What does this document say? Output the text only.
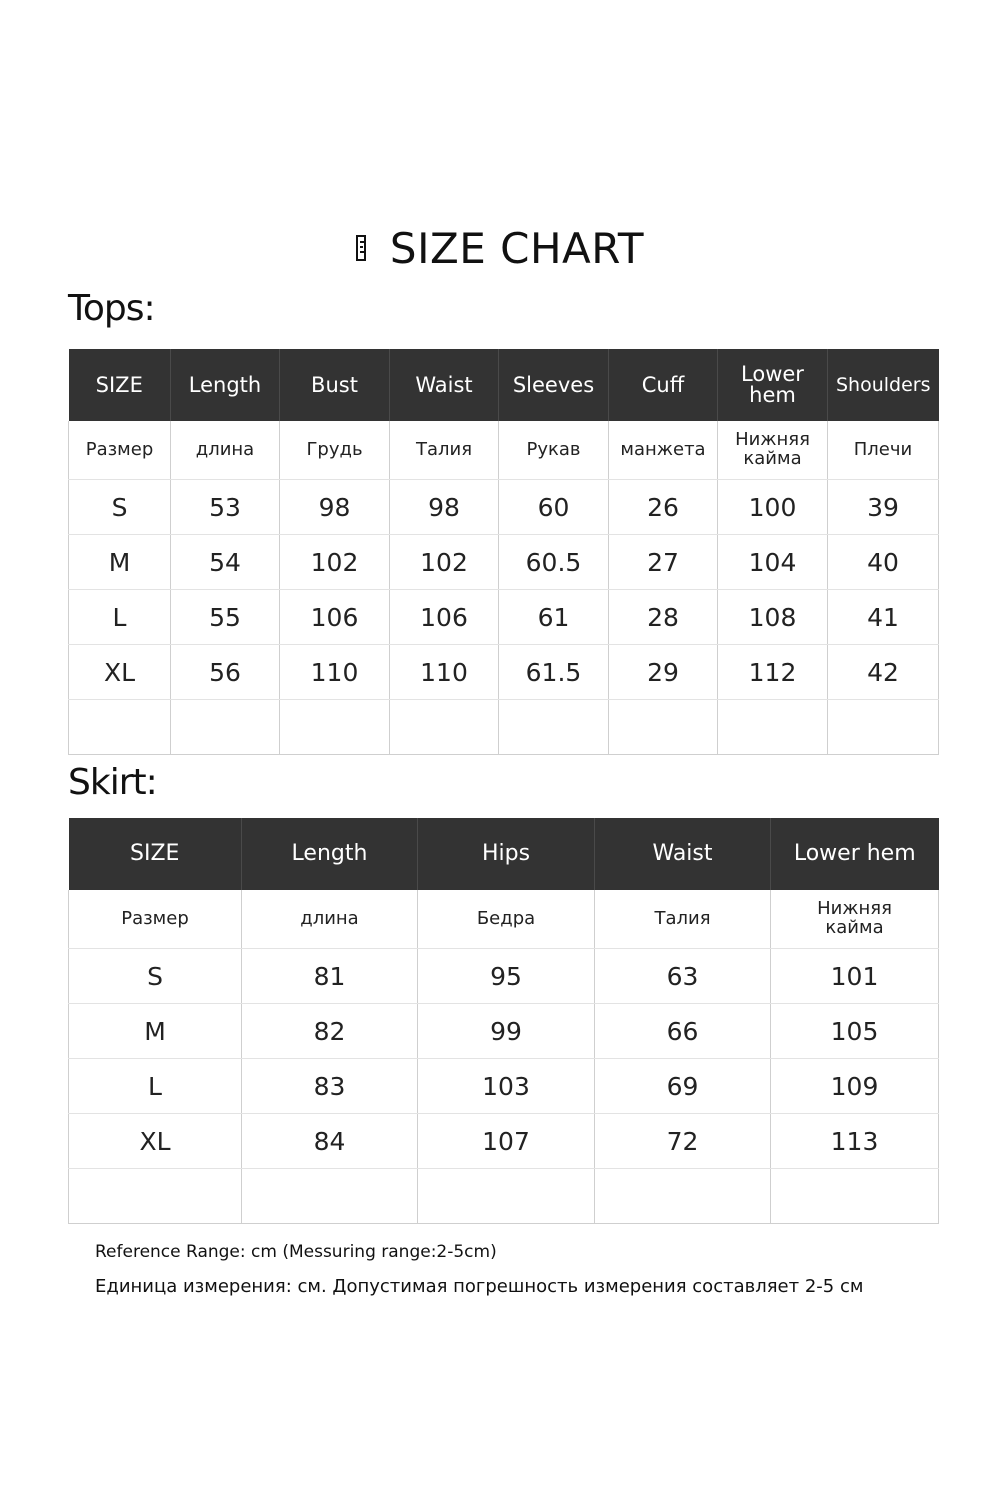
SIZE CHART
Tops:
SIZE	Length	Bust	Waist	Sleeves	Cuff	Lower hem	Shoulders
Размер	длина	Грудь	Талия	Рукав	манжета	Нижняя кайма	Плечи
S	53	98	98	60	26	100	39
M	54	102	102	60.5	27	104	40
L	55	106	106	61	28	108	41
XL	56	110	110	61.5	29	112	42

Skirt:
SIZE	Length	Hips	Waist	Lower hem
Размер	длина	Бедра	Талия	Нижняя кайма
S	81	95	63	101
M	82	99	66	105
L	83	103	69	109
XL	84	107	72	113

Reference Range: cm (Messuring range:2-5cm)
Единица измерения: см. Допустимая погрешность измерения составляет 2-5 см
